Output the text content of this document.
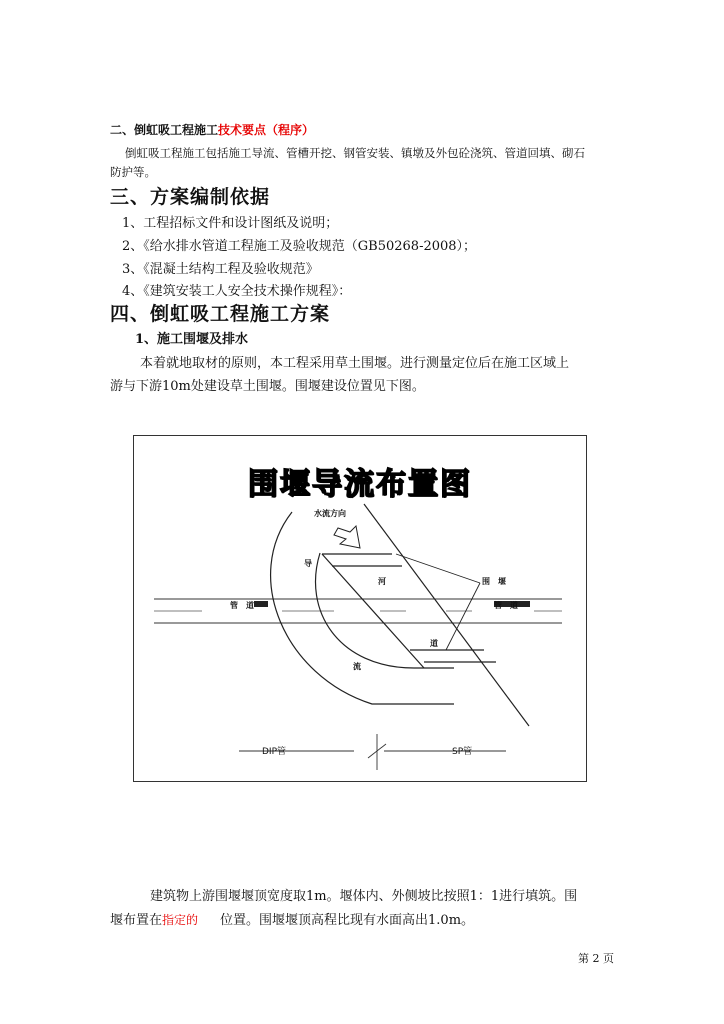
二、倒虹吸工程施工技术要点（程序）
倒虹吸工程施工包括施工导流、管槽开挖、钢管安装、镇墩及外包砼浇筑、管道回填、砌石
防护等。
三、方案编制依据
1、工程招标文件和设计图纸及说明；
2、《给水排水管道工程施工及验收规范（GB50268-2008）；
3、《混凝土结构工程及验收规范》
4、《建筑安装工人安全技术操作规程》：
四、倒虹吸工程施工方案
1、施工围堰及排水
本着就地取材的原则，本工程采用草土围堰。进行测量定位后在施工区域上
游与下游10m处建设草土围堰。围堰建设位置见下图。
围堰导流布置图
水流方向
导
河
流
道
围　堰
管　道	管　道
DIP管	SP管
建筑物上游围堰堰顶宽度取1m。堰体内、外侧坡比按照1：1进行填筑。围
堰布置在指定的 位置。围堰堰顶高程比现有水面高出1.0m。
第 2 页
